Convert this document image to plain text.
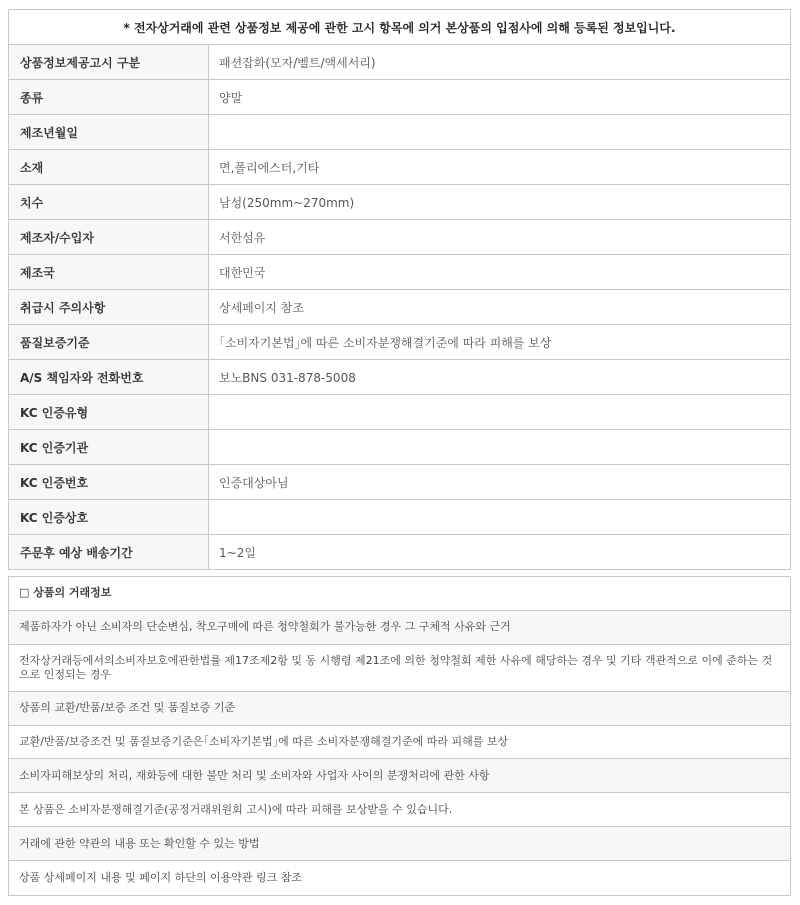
* 전자상거래에 관련 상품정보 제공에 관한 고시 항목에 의거 본상품의 입점사에 의해 등록된 정보입니다.
상품정보제공고시 구분	패션잡화(모자/벨트/액세서리)
종류	양말
제조년월일
소재	면,폴리에스터,기타
치수	남성(250mm~270mm)
제조자/수입자	서한섬유
제조국	대한민국
취급시 주의사항	상세페이지 참조
품질보증기준	｢소비자기본법｣에 따른 소비자분쟁해결기준에 따라 피해를 보상
A/S 책임자와 전화번호	보노BNS 031-878-5008
KC 인증유형
KC 인증기관
KC 인증번호	인증대상아님
KC 인증상호
주문후 예상 배송기간	1~2일
□ 상품의 거래정보
제품하자가 아닌 소비자의 단순변심, 착오구매에 따른 청약철회가 불가능한 경우 그 구체적 사유와 근거
전자상거래등에서의소비자보호에관한법률 제17조제2항 및 동 시행령 제21조에 의한 청약철회 제한 사유에 해당하는 경우 및 기타 객관적으로 이에 준하는 것으로 인정되는 경우
상품의 교환/반품/보증 조건 및 품질보증 기준
교환/반품/보증조건 및 품질보증기준은｢소비자기본법｣에 따른 소비자분쟁해결기준에 따라 피해를 보상
소비자피해보상의 처리, 재화등에 대한 불만 처리 및 소비자와 사업자 사이의 분쟁처리에 관한 사항
본 상품은 소비자분쟁해결기준(공정거래위원회 고시)에 따라 피해를 보상받을 수 있습니다.
거래에 관한 약관의 내용 또는 확인할 수 있는 방법
상품 상세페이지 내용 및 페이지 하단의 이용약관 링크 참조
